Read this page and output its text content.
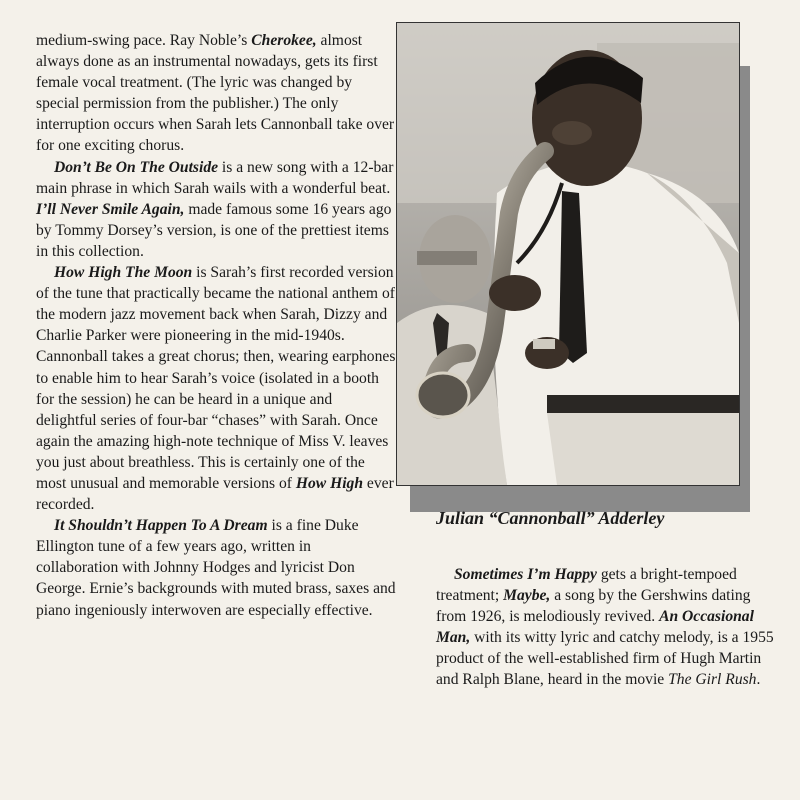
medium-swing pace. Ray Noble’s Cherokee, almost always done as an instrumental nowadays, gets its first female vocal treatment. (The lyric was changed by special permission from the publisher.) The only interruption occurs when Sarah lets Cannonball take over for one exciting chorus.

Don’t Be On The Outside is a new song with a 12-bar main phrase in which Sarah wails with a wonderful beat. I’ll Never Smile Again, made famous some 16 years ago by Tommy Dorsey’s version, is one of the prettiest items in this collection.

How High The Moon is Sarah’s first recorded version of the tune that practically became the national anthem of the modern jazz movement back when Sarah, Dizzy and Charlie Parker were pioneering in the mid-1940s. Cannonball takes a great chorus; then, wearing earphones to enable him to hear Sarah’s voice (isolated in a booth for the session) he can be heard in a unique and delightful series of four-bar “chases” with Sarah. Once again the amazing high-note technique of Miss V. leaves you just about breathless. This is certainly one of the most unusual and memorable versions of How High ever recorded.

It Shouldn’t Happen To A Dream is a fine Duke Ellington tune of a few years ago, written in collaboration with Johnny Hodges and lyricist Don George. Ernie’s backgrounds with muted brass, saxes and piano ingeniously interwoven are especially effective.

Julian “Cannonball” Adderley

Sometimes I’m Happy gets a bright-tempoed treatment; Maybe, a song by the Gershwins dating from 1926, is melodiously revived. An Occasional Man, with its witty lyric and catchy melody, is a 1955 product of the well-established firm of Hugh Martin and Ralph Blane, heard in the movie The Girl Rush.
